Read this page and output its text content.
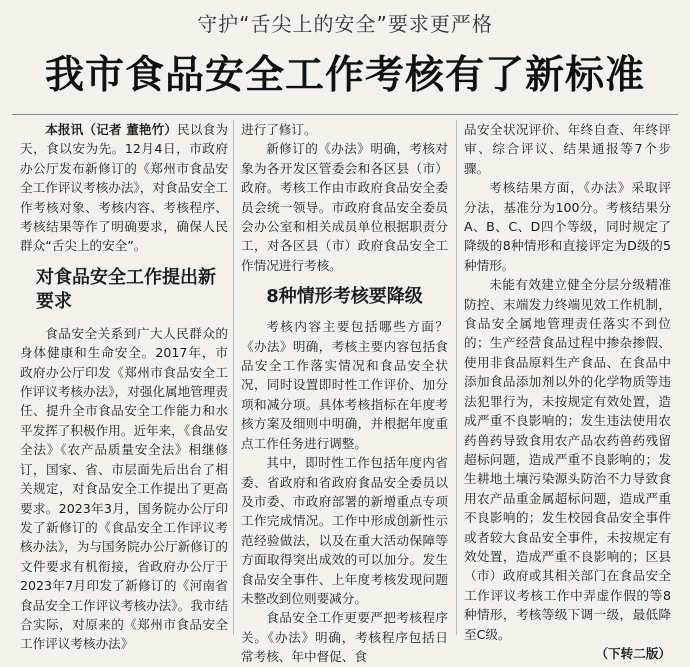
守护“舌尖上的安全”要求更严格
我市食品安全工作考核有了新标准

本报讯（记者 董艳竹）民以食为天，食以安为先。12月4日，市政府办公厅发布新修订的《郑州市食品安全工作评议考核办法》，对食品安全工作考核对象、考核内容、考核程序、考核结果等作了明确要求，确保人民群众“舌尖上的安全”。

对食品安全工作提出新要求

食品安全关系到广大人民群众的身体健康和生命安全。2017年，市政府办公厅印发《郑州市食品安全工作评议考核办法》，对强化属地管理责任、提升全市食品安全工作能力和水平发挥了积极作用。近年来，《食品安全法》《农产品质量安全法》相继修订，国家、省、市层面先后出台了相关规定，对食品安全工作提出了更高要求。2023年3月，国务院办公厅印发了新修订的《食品安全工作评议考核办法》，为与国务院办公厅新修订的文件要求有机衔接，省政府办公厅于2023年7月印发了新修订的《河南省食品安全工作评议考核办法》。我市结合实际，对原来的《郑州市食品安全工作评议考核办法》

进行了修订。

新修订的《办法》明确，考核对象为各开发区管委会和各区县（市）政府。考核工作由市政府食品安全委员会统一领导。市政府食品安全委员会办公室和相关成员单位根据职责分工，对各区县（市）政府食品安全工作情况进行考核。

8种情形考核要降级

考核内容主要包括哪些方面？《办法》明确，考核主要内容包括食品安全工作落实情况和食品安全状况，同时设置即时性工作评价、加分项和减分项。具体考核指标在年度考核方案及细则中明确，并根据年度重点工作任务进行调整。

其中，即时性工作包括年度内省委、省政府和省政府食品安全委员以及市委、市政府部署的新增重点专项工作完成情况。工作中形成创新性示范经验做法，以及在重大活动保障等方面取得突出成效的可以加分。发生食品安全事件、上年度考核发现问题未整改到位则要减分。

食品安全工作更要严把考核程序关。《办法》明确，考核程序包括日常考核、年中督促、食

品安全状况评价、年终自查、年终评审、综合评议、结果通报等7个步骤。

考核结果方面，《办法》采取评分法，基准分为100分。考核结果分A、B、C、D四个等级，同时规定了降级的8种情形和直接评定为D级的5种情形。

未能有效建立健全分层分级精准防控、末端发力终端见效工作机制，食品安全属地管理责任落实不到位的；生产经营食品过程中掺杂掺假、使用非食品原料生产食品、在食品中添加食品添加剂以外的化学物质等违法犯罪行为，未按规定有效处置，造成严重不良影响的；发生违法使用农药兽药导致食用农产品农药兽药残留超标问题，造成严重不良影响的；发生耕地土壤污染源头防治不力导致食用农产品重金属超标问题，造成严重不良影响的；发生校园食品安全事件或者较大食品安全事件，未按规定有效处置，造成严重不良影响的；区县（市）政府或其相关部门在食品安全工作评议考核工作中弄虚作假的等8种情形，考核等级下调一级，最低降至C级。

（下转二版）
